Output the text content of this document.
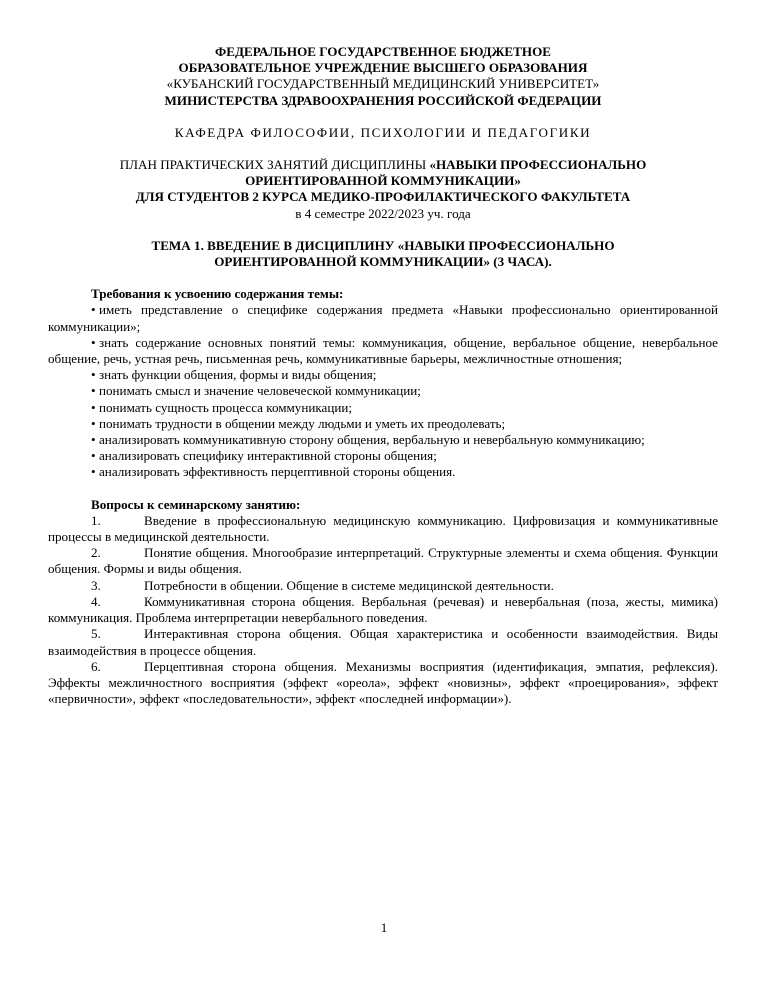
ФЕДЕРАЛЬНОЕ ГОСУДАРСТВЕННОЕ БЮДЖЕТНОЕ
ОБРАЗОВАТЕЛЬНОЕ УЧРЕЖДЕНИЕ ВЫСШЕГО ОБРАЗОВАНИЯ
«КУБАНСКИЙ ГОСУДАРСТВЕННЫЙ МЕДИЦИНСКИЙ УНИВЕРСИТЕТ»
МИНИСТЕРСТВА ЗДРАВООХРАНЕНИЯ РОССИЙСКОЙ ФЕДЕРАЦИИ
КАФЕДРА ФИЛОСОФИИ, ПСИХОЛОГИИ И ПЕДАГОГИКИ
ПЛАН ПРАКТИЧЕСКИХ ЗАНЯТИЙ ДИСЦИПЛИНЫ «НАВЫКИ ПРОФЕССИОНАЛЬНО ОРИЕНТИРОВАННОЙ КОММУНИКАЦИИ»
ДЛЯ СТУДЕНТОВ 2 КУРСА МЕДИКО-ПРОФИЛАКТИЧЕСКОГО ФАКУЛЬТЕТА
в 4 семестре 2022/2023 уч. года
ТЕМА 1. ВВЕДЕНИЕ В ДИСЦИПЛИНУ «НАВЫКИ ПРОФЕССИОНАЛЬНО ОРИЕНТИРОВАННОЙ КОММУНИКАЦИИ» (3 ЧАСА).
Требования к усвоению содержания темы:
• иметь представление о специфике содержания предмета «Навыки профессионально ориентированной коммуникации»;
• знать содержание основных понятий темы: коммуникация, общение, вербальное общение, невербальное общение, речь, устная речь, письменная речь, коммуникативные барьеры, межличностные отношения;
• знать функции общения, формы и виды общения;
• понимать смысл и значение человеческой коммуникации;
• понимать сущность процесса коммуникации;
• понимать трудности в общении между людьми и уметь их преодолевать;
• анализировать коммуникативную сторону общения, вербальную и невербальную коммуникацию;
• анализировать специфику интерактивной стороны общения;
• анализировать эффективность перцептивной стороны общения.
Вопросы к семинарскому занятию:
1.	Введение в профессиональную медицинскую коммуникацию. Цифровизация и коммуникативные процессы в медицинской деятельности.
2.	Понятие общения. Многообразие интерпретаций. Структурные элементы и схема общения. Функции общения. Формы и виды общения.
3.	Потребности в общении. Общение в системе медицинской деятельности.
4.	Коммуникативная сторона общения. Вербальная (речевая) и невербальная (поза, жесты, мимика) коммуникация. Проблема интерпретации невербального поведения.
5.	Интерактивная сторона общения. Общая характеристика и особенности взаимодействия. Виды взаимодействия в процессе общения.
6.	Перцептивная сторона общения. Механизмы восприятия (идентификация, эмпатия, рефлексия). Эффекты межличностного восприятия (эффект «ореола», эффект «новизны», эффект «проецирования», эффект «первичности», эффект «последовательности», эффект «последней информации»).
1
